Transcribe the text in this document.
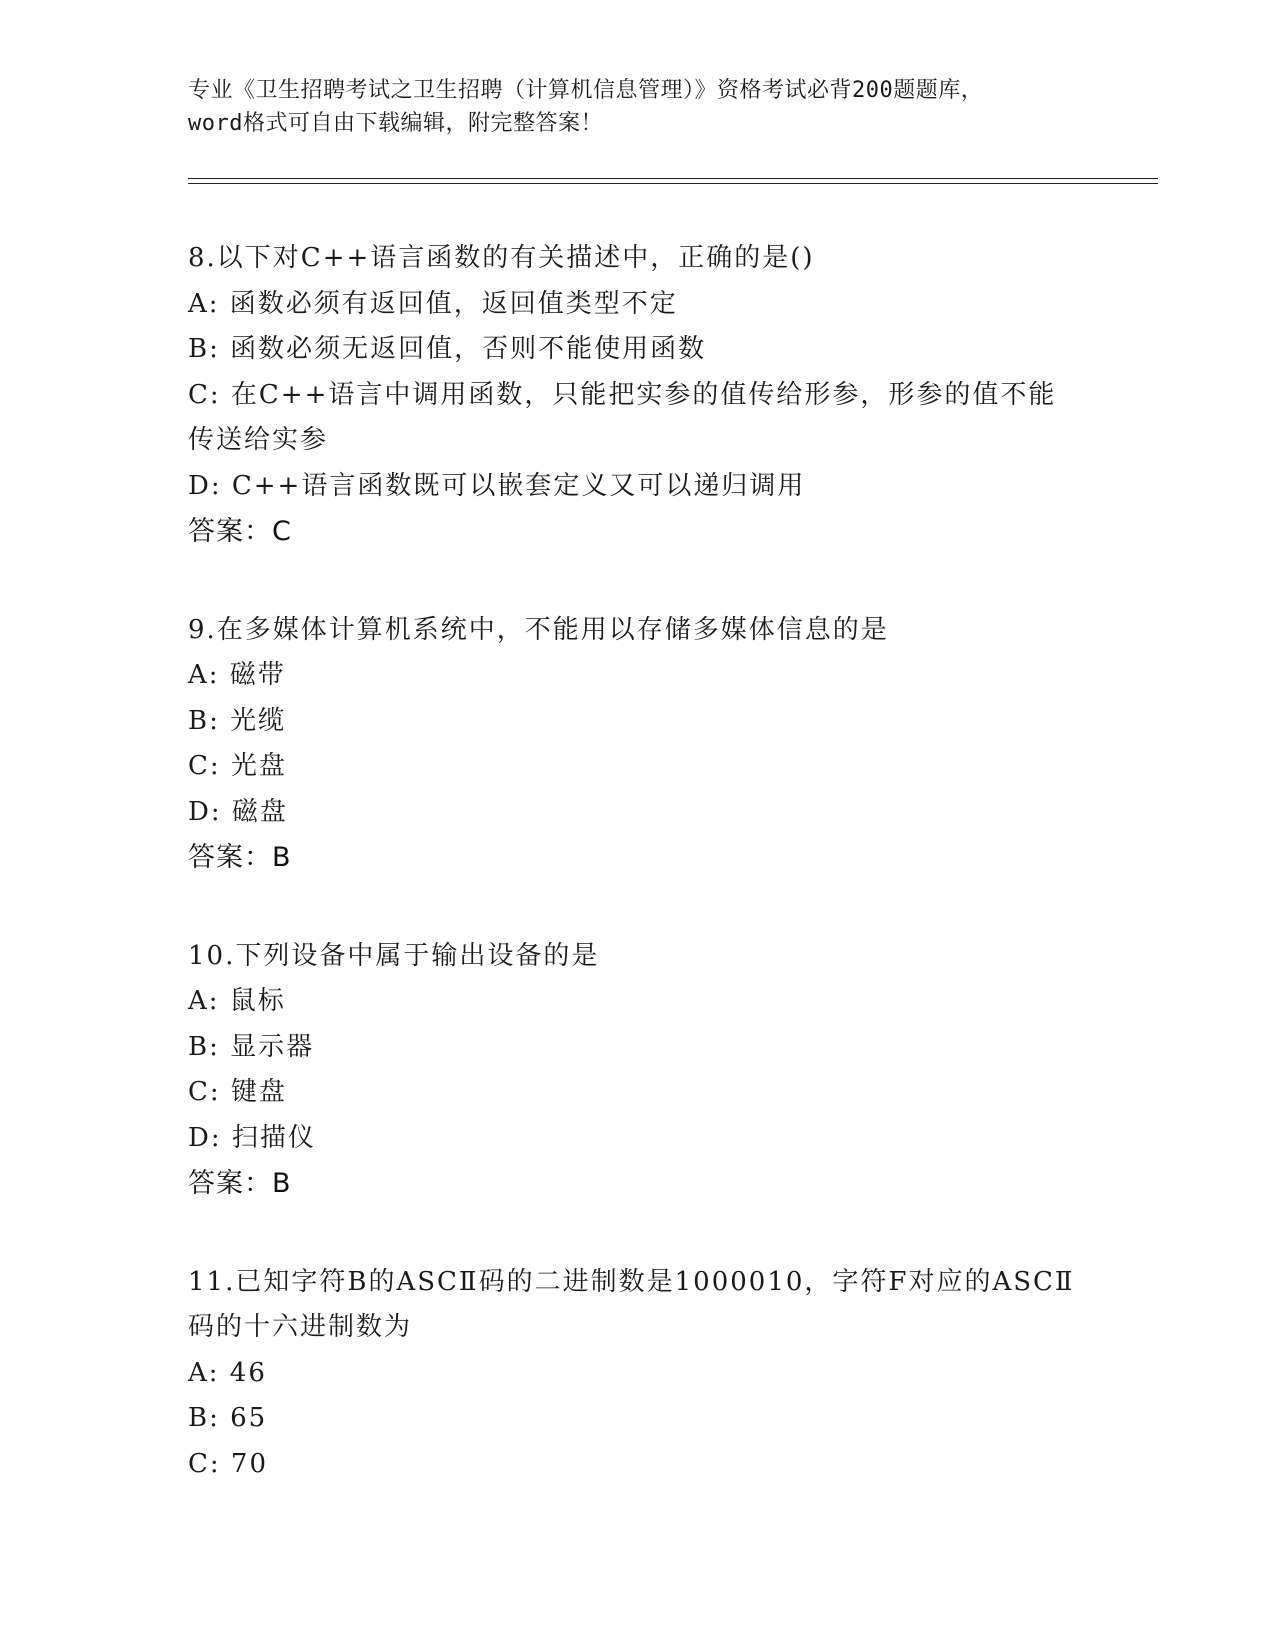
专业《卫生招聘考试之卫生招聘（计算机信息管理）》资格考试必背200题题库，
word格式可自由下载编辑，附完整答案！
8.以下对C++语言函数的有关描述中，正确的是()
A: 函数必须有返回值，返回值类型不定
B: 函数必须无返回值，否则不能使用函数
C: 在C++语言中调用函数，只能把实参的值传给形参，形参的值不能
传送给实参
D: C++语言函数既可以嵌套定义又可以递归调用
答案：C
9.在多媒体计算机系统中，不能用以存储多媒体信息的是
A: 磁带
B: 光缆
C: 光盘
D: 磁盘
答案：B
10.下列设备中属于输出设备的是
A: 鼠标
B: 显示器
C: 键盘
D: 扫描仪
答案：B
11.已知字符B的ASCⅡ码的二进制数是1000010，字符F对应的ASCⅡ
码的十六进制数为
A: 46
B: 65
C: 70
